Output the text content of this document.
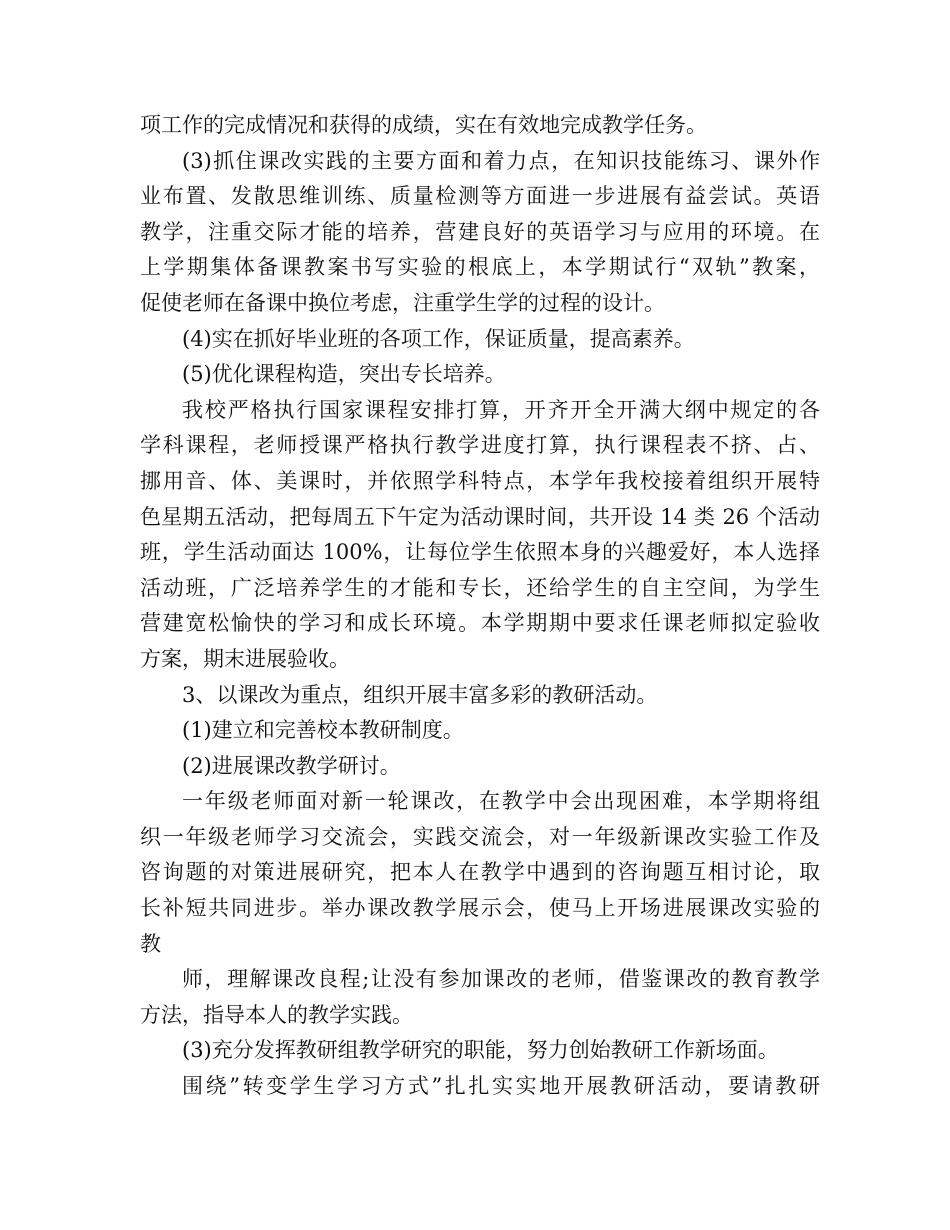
项工作的完成情况和获得的成绩，实在有效地完成教学任务。
(3)抓住课改实践的主要方面和着力点，在知识技能练习、课外作
业布置、发散思维训练、质量检测等方面进一步进展有益尝试。英语
教学，注重交际才能的培养，营建良好的英语学习与应用的环境。在
上学期集体备课教案书写实验的根底上，本学期试行“双轨”教案，
促使老师在备课中换位考虑，注重学生学的过程的设计。
(4)实在抓好毕业班的各项工作，保证质量，提高素养。
(5)优化课程构造，突出专长培养。
我校严格执行国家课程安排打算，开齐开全开满大纲中规定的各
学科课程，老师授课严格执行教学进度打算，执行课程表不挤、占、
挪用音、体、美课时，并依照学科特点，本学年我校接着组织开展特
色星期五活动，把每周五下午定为活动课时间，共开设 14 类 26 个活动
班，学生活动面达 100%，让每位学生依照本身的兴趣爱好，本人选择
活动班，广泛培养学生的才能和专长，还给学生的自主空间，为学生
营建宽松愉快的学习和成长环境。本学期期中要求任课老师拟定验收
方案，期末进展验收。
3、以课改为重点，组织开展丰富多彩的教研活动。
(1)建立和完善校本教研制度。
(2)进展课改教学研讨。
一年级老师面对新一轮课改，在教学中会出现困难，本学期将组
织一年级老师学习交流会，实践交流会，对一年级新课改实验工作及
咨询题的对策进展研究，把本人在教学中遇到的咨询题互相讨论，取
长补短共同进步。举办课改教学展示会，使马上开场进展课改实验的
教
师，理解课改良程;让没有参加课改的老师，借鉴课改的教育教学
方法，指导本人的教学实践。
(3)充分发挥教研组教学研究的职能，努力创始教研工作新场面。
围绕”转变学生学习方式”扎扎实实地开展教研活动，要请教研
